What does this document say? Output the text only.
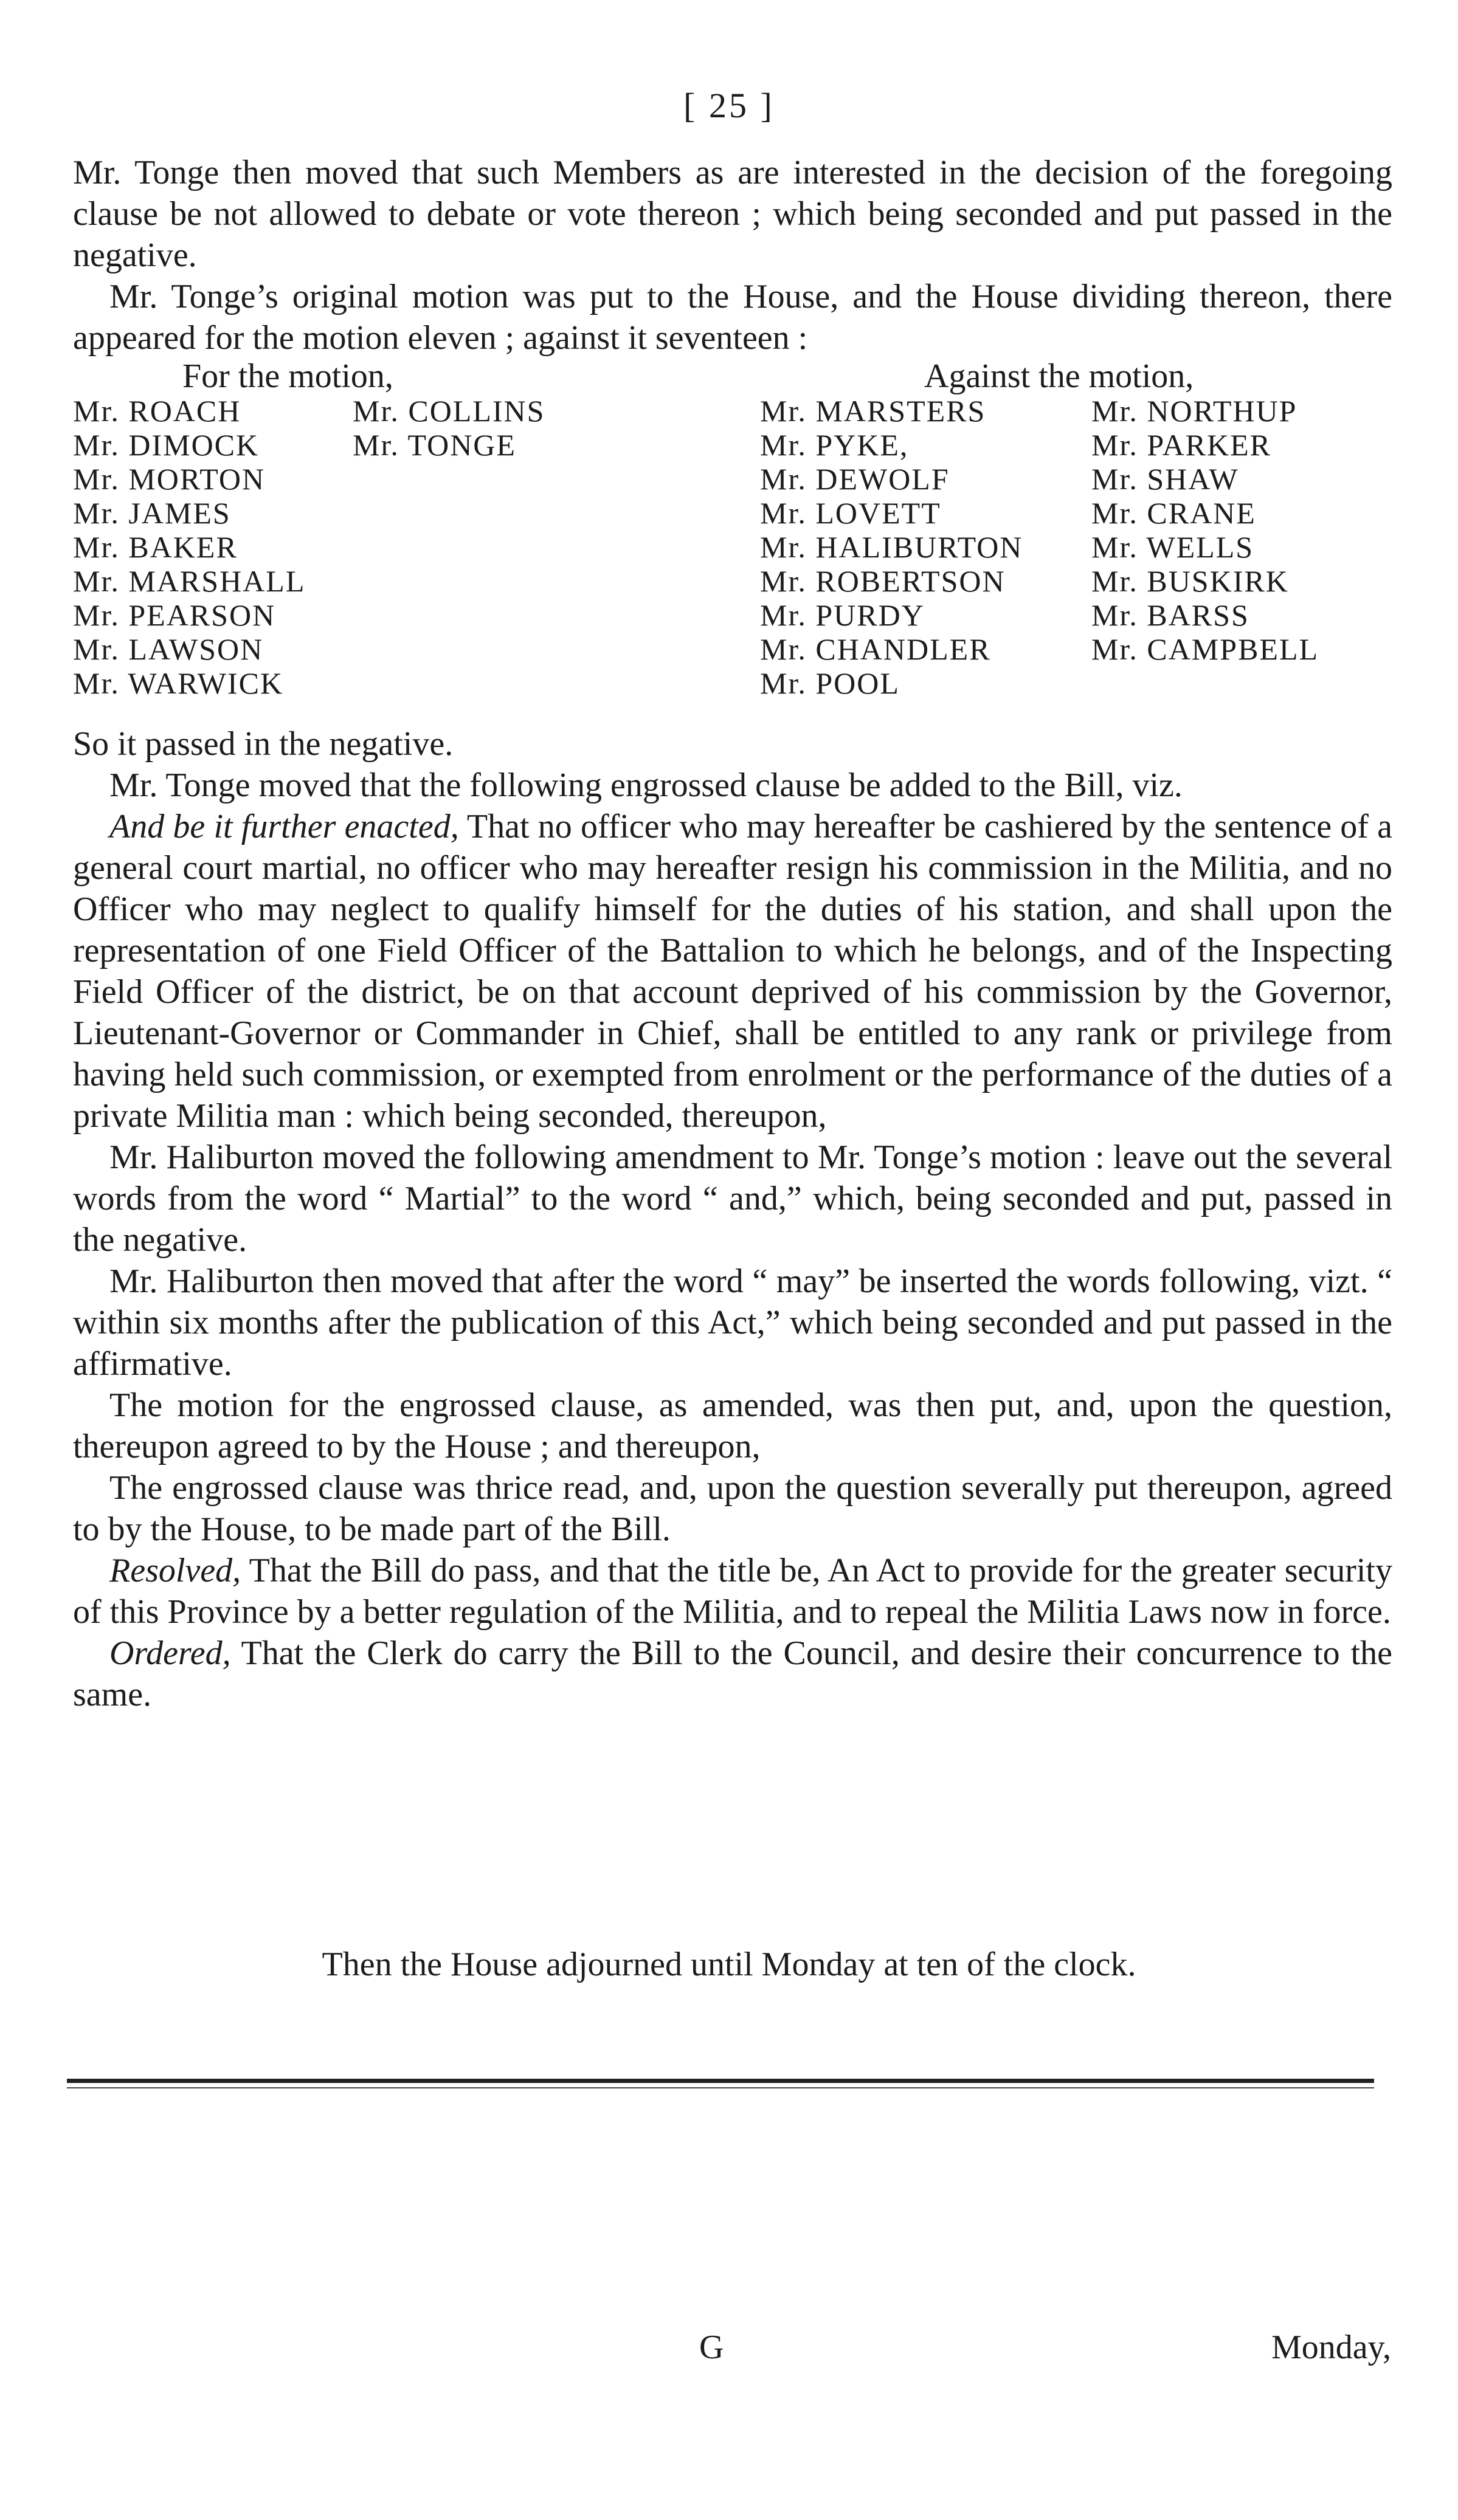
[ 25 ]

Mr. Tonge then moved that such Members as are interested in the decision of the foregoing clause be not allowed to debate or vote thereon ; which being seconded and put passed in the negative.

Mr. Tonge’s original motion was put to the House, and the House dividing thereon, there appeared for the motion eleven ; against it seventeen :

For the motion,
Mr. ROACH
Mr. DIMOCK
Mr. MORTON
Mr. JAMES
Mr. BAKER
Mr. MARSHALL
Mr. PEARSON
Mr. LAWSON
Mr. WARWICK

Mr. COLLINS
Mr. TONGE
Against the motion,
Mr. MARSTERS
Mr. PYKE,
Mr. DEWOLF
Mr. LOVETT
Mr. HALIBURTON
Mr. ROBERTSON
Mr. PURDY
Mr. CHANDLER
Mr. POOL

Mr. NORTHUP
Mr. PARKER
Mr. SHAW
Mr. CRANE
Mr. WELLS
Mr. BUSKIRK
Mr. BARSS
Mr. CAMPBELL

So it passed in the negative.

Mr. Tonge moved that the following engrossed clause be added to the Bill, viz.

And be it further enacted, That no officer who may hereafter be cashiered by the sentence of a general court martial, no officer who may hereafter resign his commission in the Militia, and no Officer who may neglect to qualify himself for the duties of his station, and shall upon the representation of one Field Officer of the Battalion to which he belongs, and of the Inspecting Field Officer of the district, be on that account deprived of his commission by the Governor, Lieutenant-Governor or Commander in Chief, shall be entitled to any rank or privilege from having held such commission, or exempted from enrolment or the performance of the duties of a private Militia man : which being seconded, thereupon,

Mr. Haliburton moved the following amendment to Mr. Tonge’s motion : leave out the several words from the word “ Martial” to the word “ and,” which, being seconded and put, passed in the negative.

Mr. Haliburton then moved that after the word “ may” be inserted the words following, vizt. “ within six months after the publication of this Act,” which being seconded and put passed in the affirmative.

The motion for the engrossed clause, as amended, was then put, and, upon the question, thereupon agreed to by the House ; and thereupon,

The engrossed clause was thrice read, and, upon the question severally put thereupon, agreed to by the House, to be made part of the Bill.

Resolved, That the Bill do pass, and that the title be, An Act to provide for the greater security of this Province by a better regulation of the Militia, and to repeal the Militia Laws now in force.

Ordered, That the Clerk do carry the Bill to the Council, and desire their concurrence to the same.

Then the House adjourned until Monday at ten of the clock.
G	Monday,
